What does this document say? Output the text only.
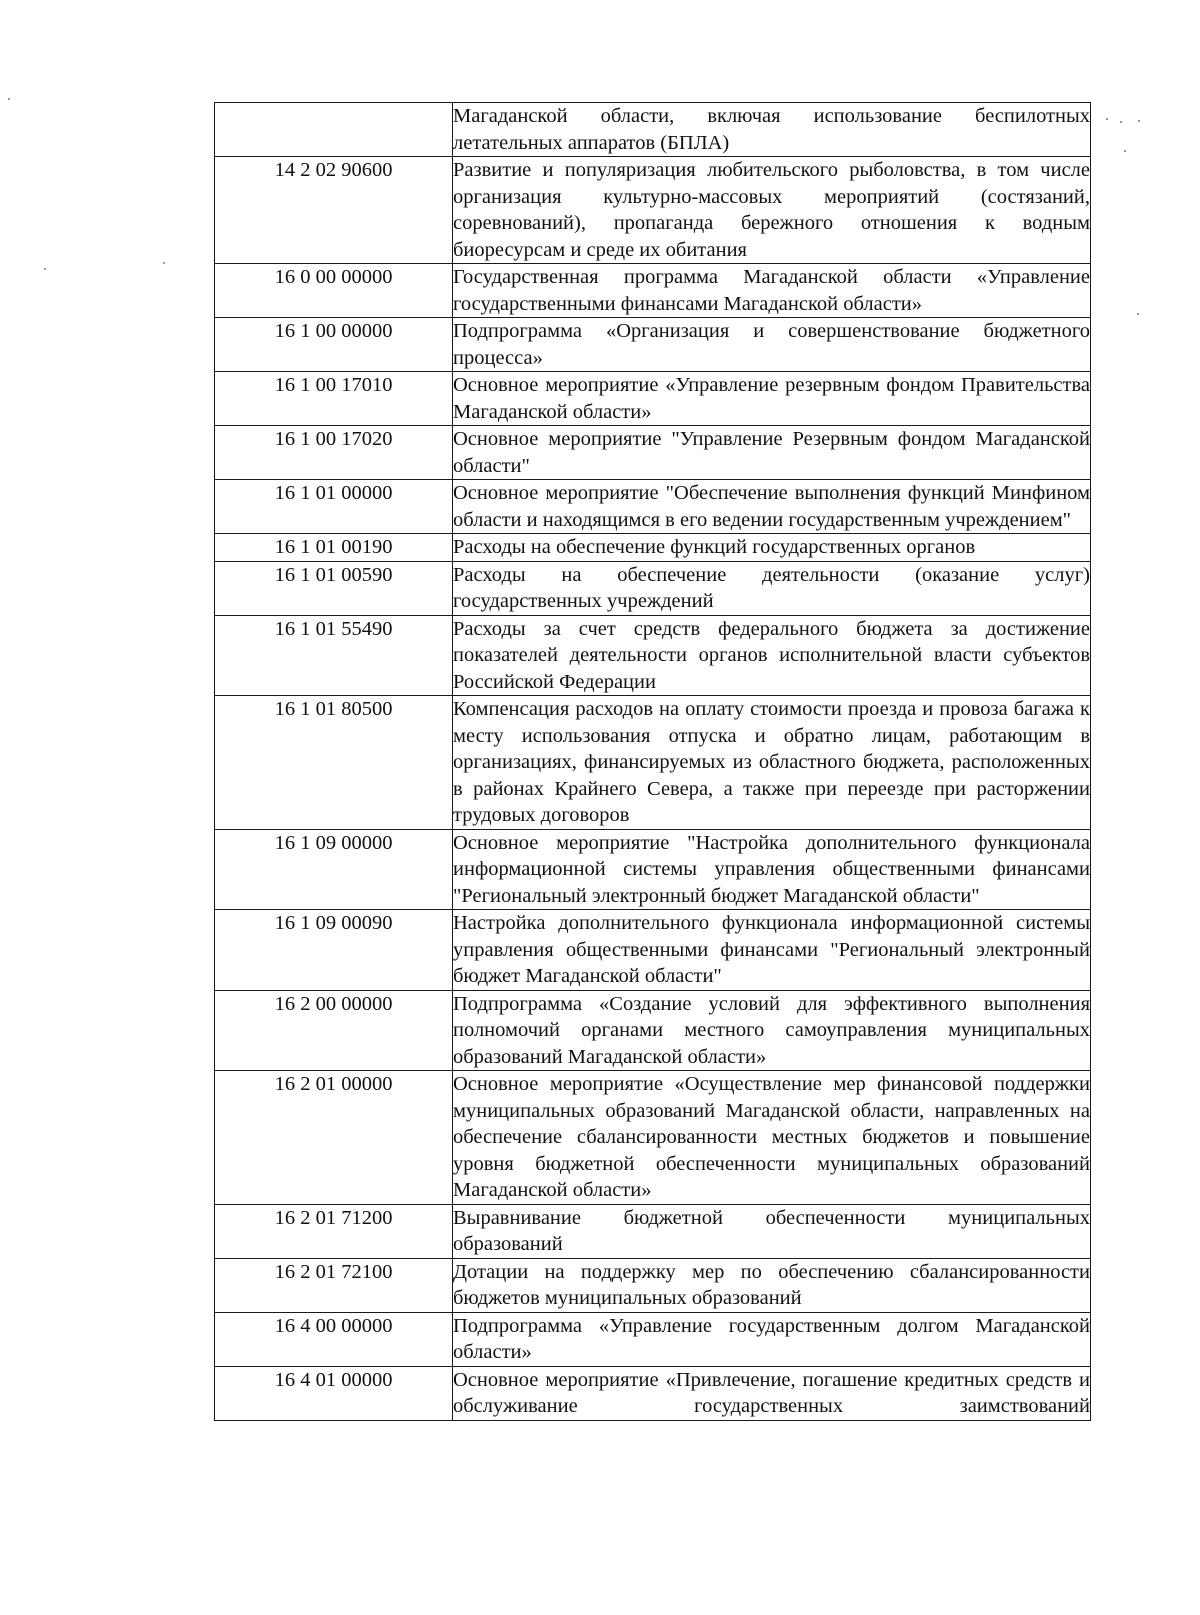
	Магаданской области, включая использование беспилотных летательных аппаратов (БПЛА)
14 2 02 90600	Развитие и популяризация любительского рыболовства, в том числе организация культурно-массовых мероприятий (состязаний, соревнований), пропаганда бережного отношения к водным биоресурсам и среде их обитания
16 0 00 00000	Государственная программа Магаданской области «Управление государственными финансами Магаданской области»
16 1 00 00000	Подпрограмма «Организация и совершенствование бюджетного процесса»
16 1 00 17010	Основное мероприятие «Управление резервным фондом Правительства Магаданской области»
16 1 00 17020	Основное мероприятие "Управление Резервным фондом Магаданской области"
16 1 01 00000	Основное мероприятие "Обеспечение выполнения функций Минфином области и находящимся в его ведении государственным учреждением"
16 1 01 00190	Расходы на обеспечение функций государственных органов
16 1 01 00590	Расходы на обеспечение деятельности (оказание услуг) государственных учреждений
16 1 01 55490	Расходы за счет средств федерального бюджета за достижение показателей деятельности органов исполнительной власти субъектов Российской Федерации
16 1 01 80500	Компенсация расходов на оплату стоимости проезда и провоза багажа к месту использования отпуска и обратно лицам, работающим в организациях, финансируемых из областного бюджета, расположенных в районах Крайнего Севера, а также при переезде при расторжении трудовых договоров
16 1 09 00000	Основное мероприятие "Настройка дополнительного функционала информационной системы управления общественными финансами "Региональный электронный бюджет Магаданской области"
16 1 09 00090	Настройка дополнительного функционала информационной системы управления общественными финансами "Региональный электронный бюджет Магаданской области"
16 2 00 00000	Подпрограмма «Создание условий для эффективного выполнения полномочий органами местного самоуправления муниципальных образований Магаданской области»
16 2 01 00000	Основное мероприятие «Осуществление мер финансовой поддержки муниципальных образований Магаданской области, направленных на обеспечение сбалансированности местных бюджетов и повышение уровня бюджетной обеспеченности муниципальных образований Магаданской области»
16 2 01 71200	Выравнивание бюджетной обеспеченности муниципальных образований
16 2 01 72100	Дотации на поддержку мер по обеспечению сбалансированности бюджетов муниципальных образований
16 4 00 00000	Подпрограмма «Управление государственным долгом Магаданской области»
16 4 01 00000	Основное мероприятие «Привлечение, погашение кредитных средств и обслуживание государственных заимствований
